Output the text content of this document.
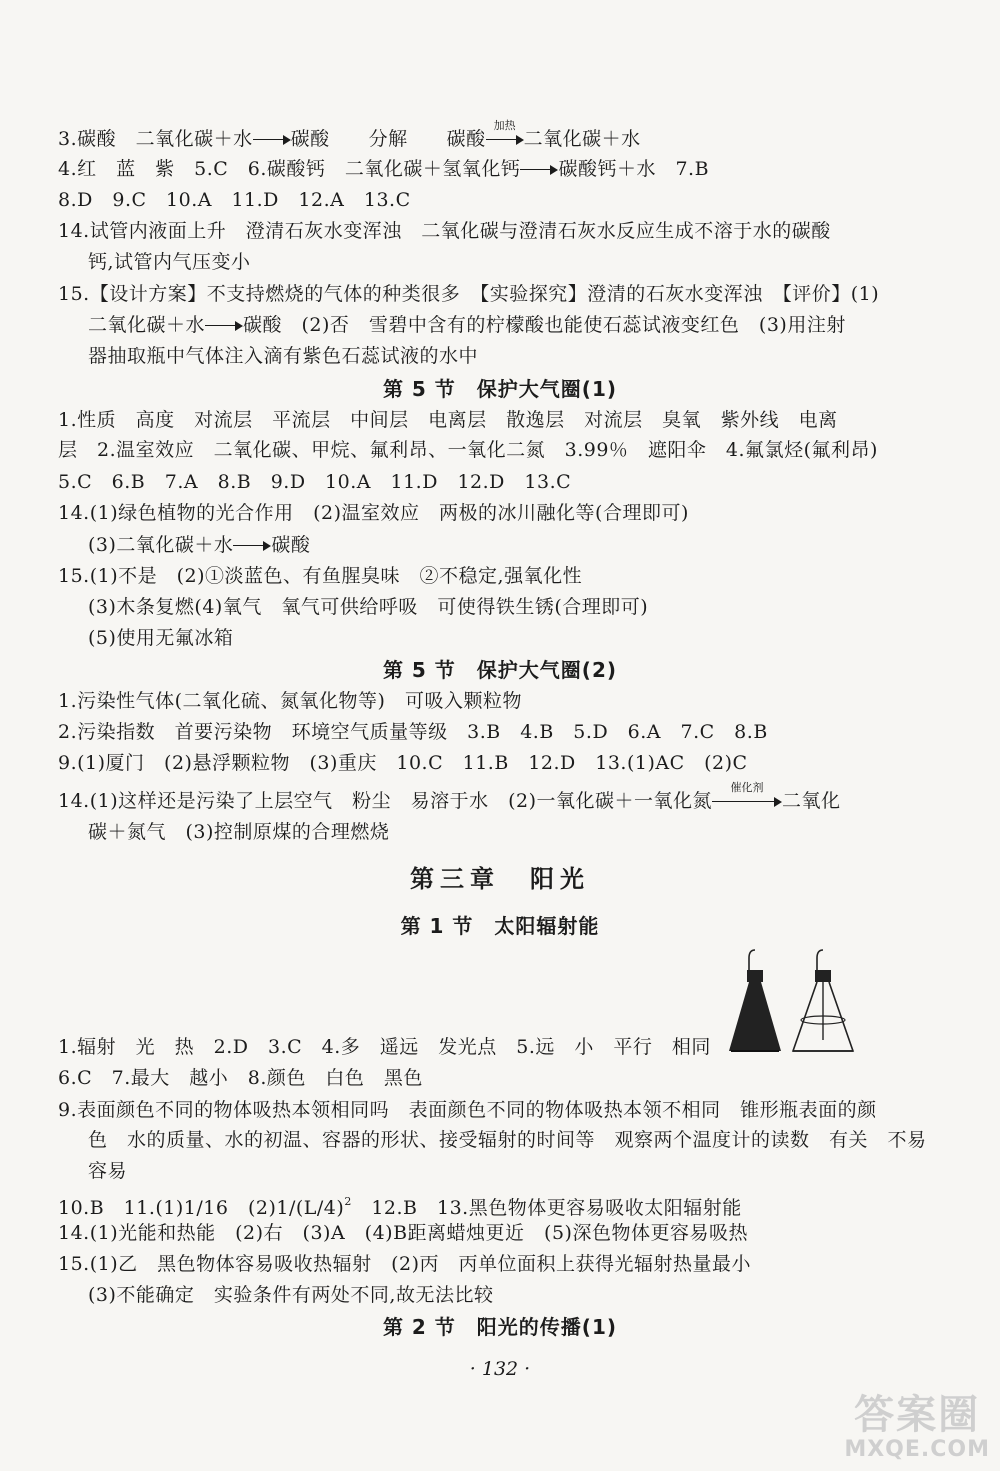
3.碳酸　二氧化碳＋水 碳酸　　分解　　碳酸
加热
二氧化碳＋水
4.红　蓝　紫　5.C　6.碳酸钙　二氧化碳＋氢氧化钙 碳酸钙＋水　7.B
8.D　9.C　10.A　11.D　12.A　13.C
14.试管内液面上升　澄清石灰水变浑浊　二氧化碳与澄清石灰水反应生成不溶于水的碳酸
钙,试管内气压变小
15.【设计方案】不支持燃烧的气体的种类很多　【实验探究】澄清的石灰水变浑浊　【评价】(1)
二氧化碳＋水 碳酸　(2)否　雪碧中含有的柠檬酸也能使石蕊试液变红色　(3)用注射
器抽取瓶中气体注入滴有紫色石蕊试液的水中
第 5 节　保护大气圈(1)
1.性质　高度　对流层　平流层　中间层　电离层　散逸层　对流层　臭氧　紫外线　电离
层　2.温室效应　二氧化碳、甲烷、氟利昂、一氧化二氮　3.99％　遮阳伞　4.氟氯烃(氟利昂)
5.C　6.B　7.A　8.B　9.D　10.A　11.D　12.D　13.C
14.(1)绿色植物的光合作用　(2)温室效应　两极的冰川融化等(合理即可)
(3)二氧化碳＋水 碳酸
15.(1)不是　(2)①淡蓝色、有鱼腥臭味　②不稳定,强氧化性
(3)木条复燃(4)氧气　氧气可供给呼吸　可使得铁生锈(合理即可)
(5)使用无氟冰箱
第 5 节　保护大气圈(2)
1.污染性气体(二氧化硫、氮氧化物等)　可吸入颗粒物
2.污染指数　首要污染物　环境空气质量等级　3.B　4.B　5.D　6.A　7.C　8.B
9.(1)厦门　(2)悬浮颗粒物　(3)重庆　10.C　11.B　12.D　13.(1)AC　(2)C
14.(1)这样还是污染了上层空气　粉尘　易溶于水　(2)一氧化碳＋一氧化氮
催化剂
二氧化
碳＋氮气　(3)控制原煤的合理燃烧
第三章　阳光
第 1 节　太阳辐射能
1.辐射　光　热　2.D　3.C　4.多　遥远　发光点　5.远　小　平行　相同
6.C　7.最大　越小　8.颜色　白色　黑色
9.表面颜色不同的物体吸热本领相同吗　表面颜色不同的物体吸热本领不相同　锥形瓶表面的颜
色　水的质量、水的初温、容器的形状、接受辐射的时间等　观察两个温度计的读数　有关　不易
容易
10.B　11.(1)1/16　$(2)1/(L/4)^2$　12.B　13.黑色物体更容易吸收太阳辐射能
14.(1)光能和热能　(2)右　(3)A　(4)B距离蜡烛更近　(5)深色物体更容易吸热
15.(1)乙　黑色物体容易吸收热辐射　(2)丙　丙单位面积上获得光辐射热量最小
(3)不能确定　实验条件有两处不同,故无法比较
第 2 节　阳光的传播(1)
· 132 ·
答案圈
MXQE.COM
